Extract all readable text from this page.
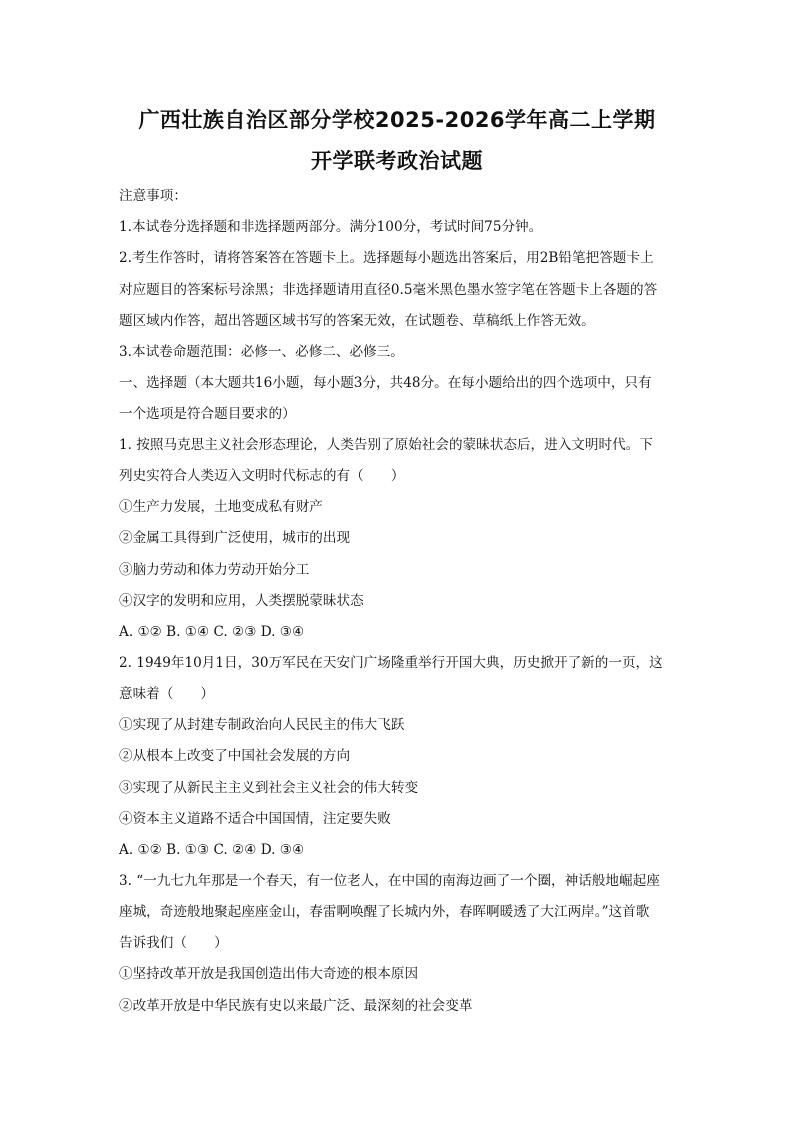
广西壮族自治区部分学校2025-2026学年高二上学期
开学联考政治试题
注意事项：
1.本试卷分选择题和非选择题两部分。满分100分，考试时间75分钟。
2.考生作答时，请将答案答在答题卡上。选择题每小题选出答案后，用2B铅笔把答题卡上
对应题目的答案标号涂黑；非选择题请用直径0.5毫米黑色墨水签字笔在答题卡上各题的答
题区域内作答，超出答题区域书写的答案无效，在试题卷、草稿纸上作答无效。
3.本试卷命题范围：必修一、必修二、必修三。
一、选择题（本大题共16小题，每小题3分，共48分。在每小题给出的四个选项中，只有
一个选项是符合题目要求的）
1. 按照马克思主义社会形态理论，人类告别了原始社会的蒙昧状态后，进入文明时代。下
列史实符合人类迈入文明时代标志的有（　　）
①生产力发展，土地变成私有财产
②金属工具得到广泛使用，城市的出现
③脑力劳动和体力劳动开始分工
④汉字的发明和应用，人类摆脱蒙昧状态
A. ①② B. ①④ C. ②③ D. ③④
2. 1949年10月1日，30万军民在天安门广场隆重举行开国大典，历史掀开了新的一页，这
意味着（　　）
①实现了从封建专制政治向人民民主的伟大飞跃
②从根本上改变了中国社会发展的方向
③实现了从新民主主义到社会主义社会的伟大转变
④资本主义道路不适合中国国情，注定要失败
A. ①② B. ①③ C. ②④ D. ③④
3. “一九七九年那是一个春天，有一位老人，在中国的南海边画了一个圈，神话般地崛起座
座城，奇迹般地聚起座座金山，春雷啊唤醒了长城内外，春晖啊暖透了大江两岸。”这首歌
告诉我们（　　）
①坚持改革开放是我国创造出伟大奇迹的根本原因
②改革开放是中华民族有史以来最广泛、最深刻的社会变革
